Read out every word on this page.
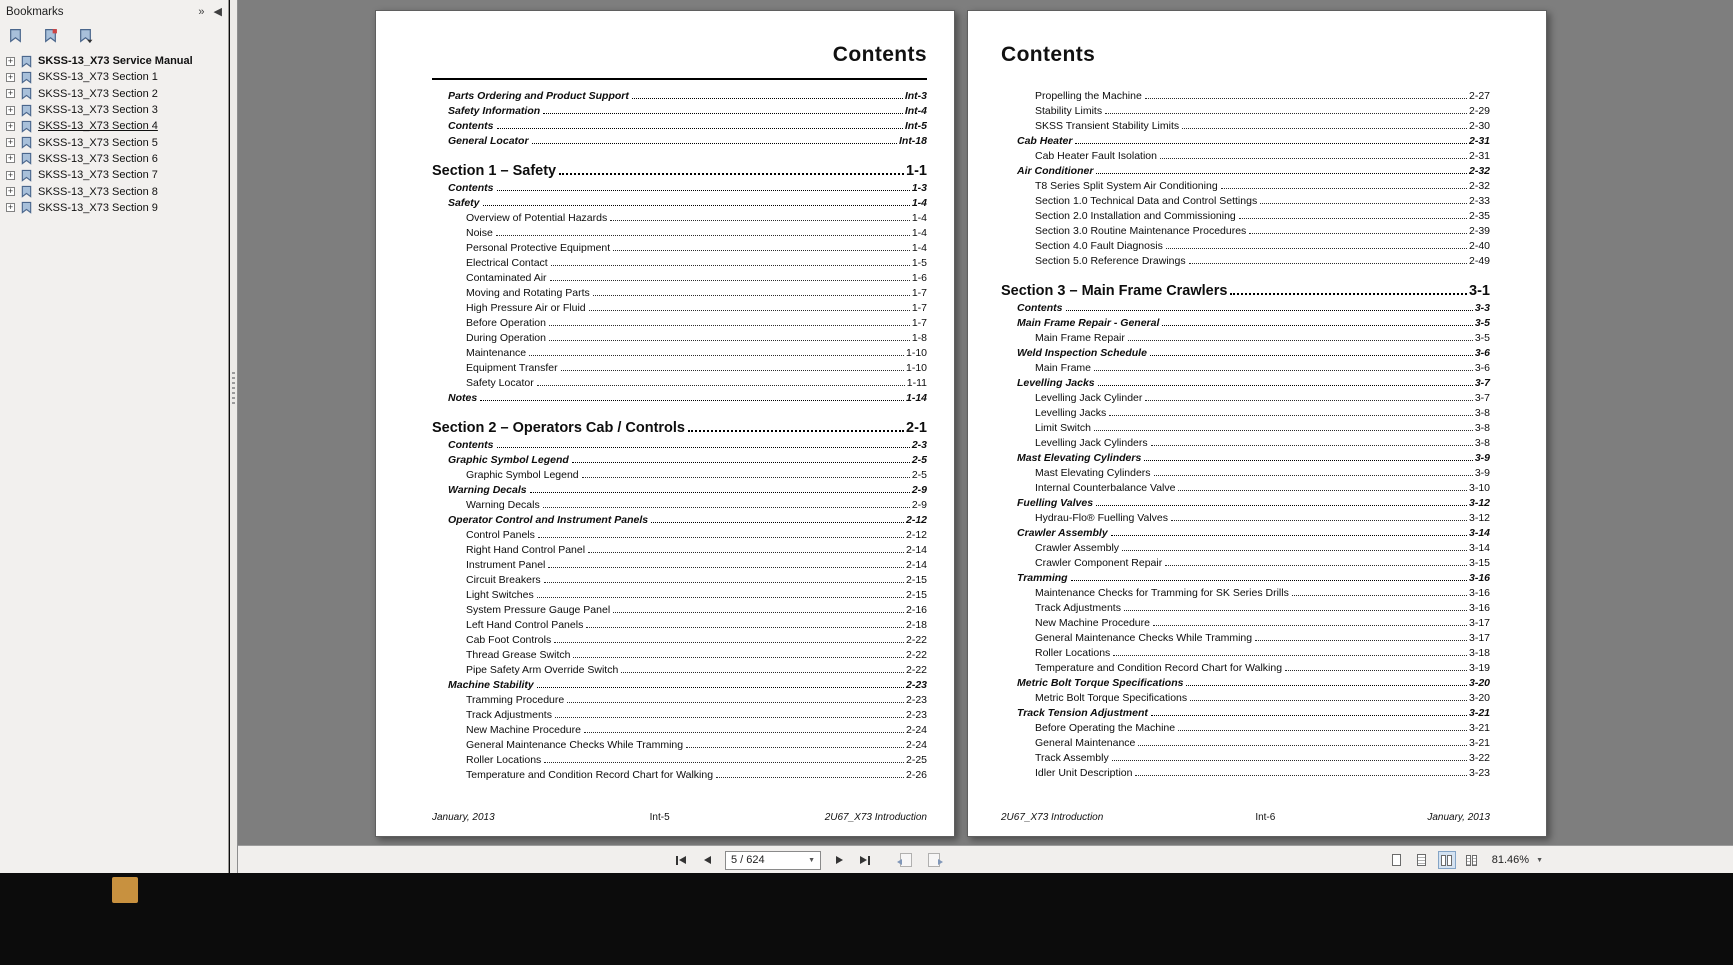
Bookmarks	» ◀
+
SKSS-13_X73 Service Manual
+
SKSS-13_X73 Section 1
+
SKSS-13_X73 Section 2
+
SKSS-13_X73 Section 3
+
SKSS-13_X73 Section 4
+
SKSS-13_X73 Section 5
+
SKSS-13_X73 Section 6
+
SKSS-13_X73 Section 7
+
SKSS-13_X73 Section 8
+
SKSS-13_X73 Section 9
Contents
Parts Ordering and Product Support	Int-3
Safety Information	Int-4
Contents	Int-5
General Locator	Int-18
Section 1 – Safety	1-1
Contents	1-3
Safety	1-4
Overview of Potential Hazards	1-4
Noise	1-4
Personal Protective Equipment	1-4
Electrical Contact	1-5
Contaminated Air	1-6
Moving and Rotating Parts	1-7
High Pressure Air or Fluid	1-7
Before Operation	1-7
During Operation	1-8
Maintenance	1-10
Equipment Transfer	1-10
Safety Locator	1-11
Notes	1-14
Section 2 – Operators Cab / Controls	2-1
Contents	2-3
Graphic Symbol Legend	2-5
Graphic Symbol Legend	2-5
Warning Decals	2-9
Warning Decals	2-9
Operator Control and Instrument Panels	2-12
Control Panels	2-12
Right Hand Control Panel	2-14
Instrument Panel	2-14
Circuit Breakers	2-15
Light Switches	2-15
System Pressure Gauge Panel	2-16
Left Hand Control Panels	2-18
Cab Foot Controls	2-22
Thread Grease Switch	2-22
Pipe Safety Arm Override Switch	2-22
Machine Stability	2-23
Tramming Procedure	2-23
Track Adjustments	2-23
New Machine Procedure	2-24
General Maintenance Checks While Tramming	2-24
Roller Locations	2-25
Temperature and Condition Record Chart for Walking	2-26
January, 2013	Int-5	2U67_X73 Introduction
Contents
Propelling the Machine	2-27
Stability Limits	2-29
SKSS Transient Stability Limits	2-30
Cab Heater	2-31
Cab Heater Fault Isolation	2-31
Air Conditioner	2-32
T8 Series Split System Air Conditioning	2-32
Section 1.0 Technical Data and Control Settings	2-33
Section 2.0 Installation and Commissioning	2-35
Section 3.0 Routine Maintenance Procedures	2-39
Section 4.0 Fault Diagnosis	2-40
Section 5.0 Reference Drawings	2-49
Section 3 – Main Frame Crawlers	3-1
Contents	3-3
Main Frame Repair - General	3-5
Main Frame Repair	3-5
Weld Inspection Schedule	3-6
Main Frame	3-6
Levelling Jacks	3-7
Levelling Jack Cylinder	3-7
Levelling Jacks	3-8
Limit Switch	3-8
Levelling Jack Cylinders	3-8
Mast Elevating Cylinders	3-9
Mast Elevating Cylinders	3-9
Internal Counterbalance Valve	3-10
Fuelling Valves	3-12
Hydrau-Flo® Fuelling Valves	3-12
Crawler Assembly	3-14
Crawler Assembly	3-14
Crawler Component Repair	3-15
Tramming	3-16
Maintenance Checks for Tramming for SK Series Drills	3-16
Track Adjustments	3-16
New Machine Procedure	3-17
General Maintenance Checks While Tramming	3-17
Roller Locations	3-18
Temperature and Condition Record Chart for Walking	3-19
Metric Bolt Torque Specifications	3-20
Metric Bolt Torque Specifications	3-20
Track Tension Adjustment	3-21
Before Operating the Machine	3-21
General Maintenance	3-21
Track Assembly	3-22
Idler Unit Description	3-23
2U67_X73 Introduction	Int-6	January, 2013
5 / 624	▼	81.46% ▼
